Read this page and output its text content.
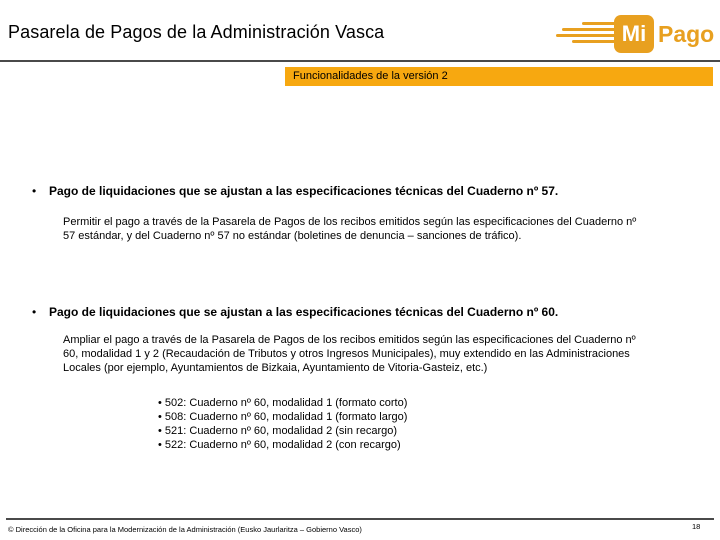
Pasarela de Pagos de la Administración Vasca	Mi Pago
Funcionalidades de la versión 2
• Pago de liquidaciones que se ajustan a las especificaciones técnicas del Cuaderno nº 57.
Permitir el pago a través de la Pasarela de Pagos de los recibos emitidos según las especificaciones del Cuaderno nº
57 estándar, y del Cuaderno nº 57 no estándar (boletines de denuncia – sanciones de tráfico).
• Pago de liquidaciones que se ajustan a las especificaciones técnicas del Cuaderno nº 60.
Ampliar el pago a través de la Pasarela de Pagos de los recibos emitidos según las especificaciones del Cuaderno nº
60, modalidad 1 y 2 (Recaudación de Tributos y otros Ingresos Municipales), muy extendido en las Administraciones
Locales (por ejemplo, Ayuntamientos de Bizkaia, Ayuntamiento de Vitoria-Gasteiz, etc.)
• 502: Cuaderno nº 60, modalidad 1 (formato corto)
• 508: Cuaderno nº 60, modalidad 1 (formato largo)
• 521: Cuaderno nº 60, modalidad 2 (sin recargo)
• 522: Cuaderno nº 60, modalidad 2 (con recargo)
© Dirección de la Oficina para la Modernización de la Administración (Eusko Jaurlaritza – Gobierno Vasco)	18
